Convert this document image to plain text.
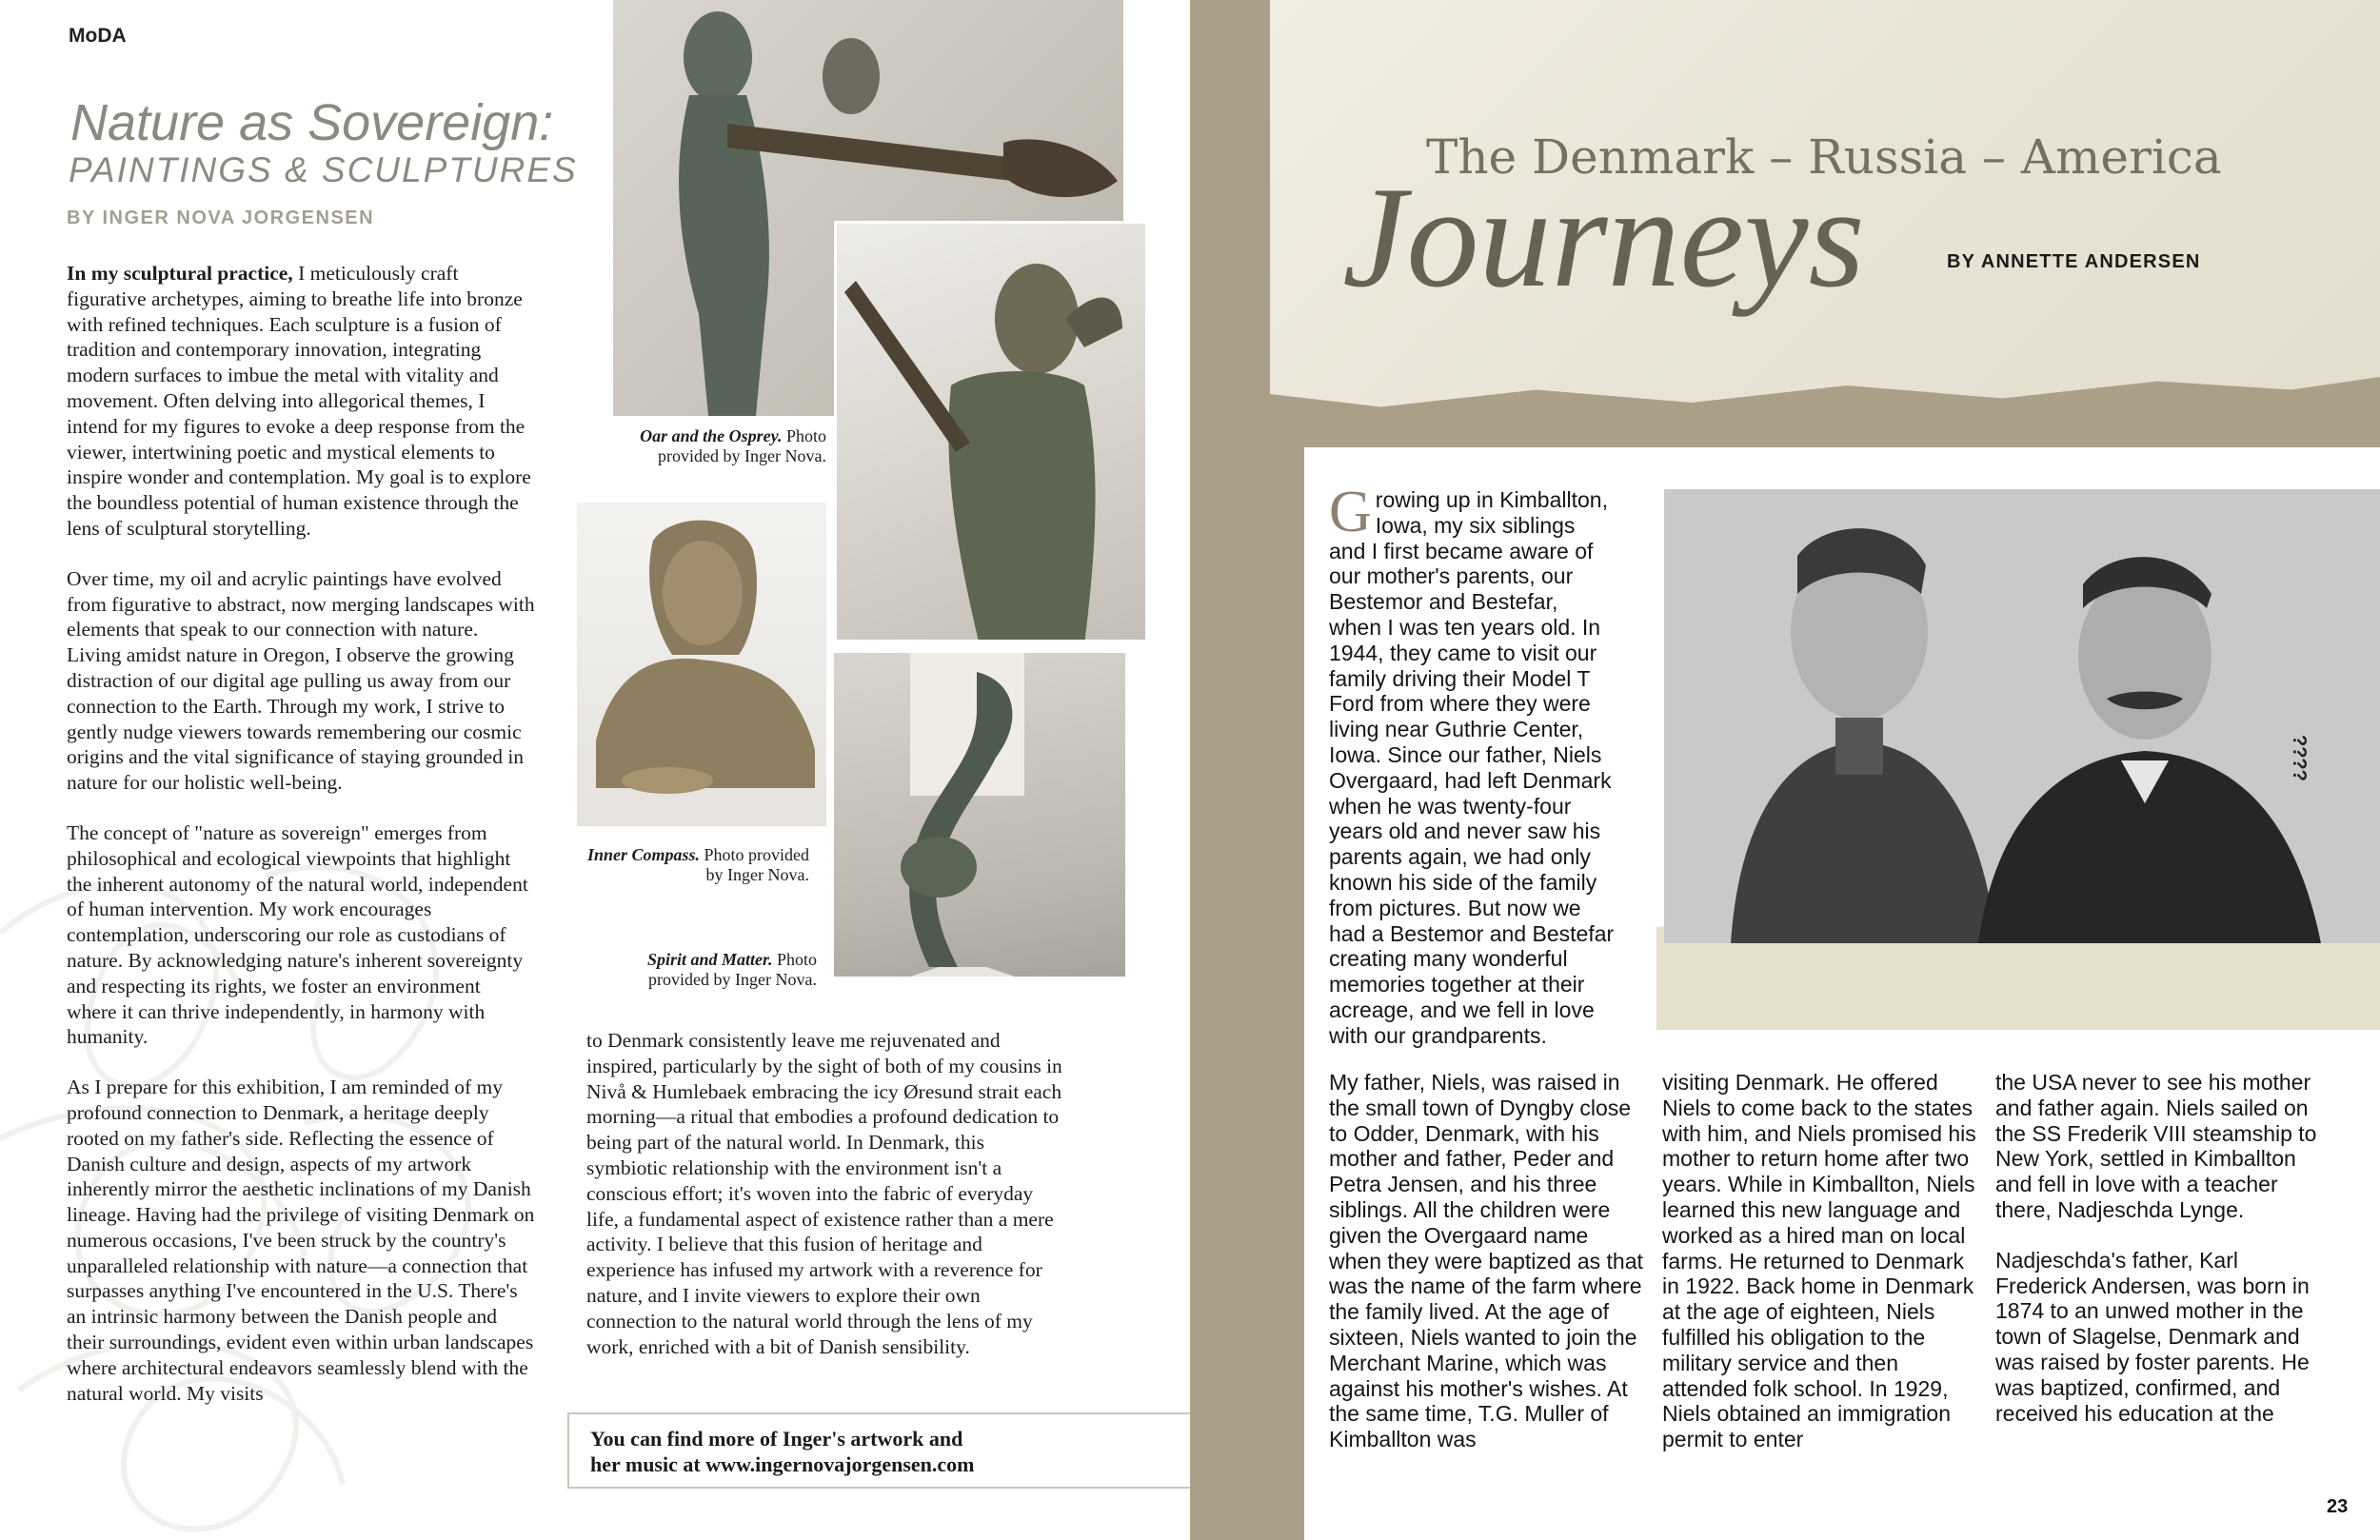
MoDA
Nature as Sovereign:
PAINTINGS & SCULPTURES
BY INGER NOVA JORGENSEN

In my sculptural practice, I meticulously craft figurative archetypes, aiming to breathe life into bronze with refined techniques. Each sculpture is a fusion of tradition and contemporary innovation, integrating modern surfaces to imbue the metal with vitality and movement. Often delving into allegorical themes, I intend for my figures to evoke a deep response from the viewer, intertwining poetic and mystical elements to inspire wonder and contemplation. My goal is to explore the boundless potential of human existence through the lens of sculptural storytelling.

Over time, my oil and acrylic paintings have evolved from figurative to abstract, now merging landscapes with elements that speak to our connection with nature. Living amidst nature in Oregon, I observe the growing distraction of our digital age pulling us away from our connection to the Earth. Through my work, I strive to gently nudge viewers towards remembering our cosmic origins and the vital significance of staying grounded in nature for our holistic well-being.

The concept of "nature as sovereign" emerges from philosophical and ecological viewpoints that highlight the inherent autonomy of the natural world, independent of human intervention. My work encourages contemplation, underscoring our role as custodians of nature. By acknowledging nature's inherent sovereignty and respecting its rights, we foster an environment where it can thrive independently, in harmony with humanity.

As I prepare for this exhibition, I am reminded of my profound connection to Denmark, a heritage deeply rooted on my father's side. Reflecting the essence of Danish culture and design, aspects of my artwork inherently mirror the aesthetic inclinations of my Danish lineage. Having had the privilege of visiting Denmark on numerous occasions, I've been struck by the country's unparalleled relationship with nature—a connection that surpasses anything I've encountered in the U.S. There's an intrinsic harmony between the Danish people and their surroundings, evident even within urban landscapes where architectural endeavors seamlessly blend with the natural world. My visits

Oar and the Osprey. Photo provided by Inger Nova.
Inner Compass. Photo provided by Inger Nova.
Spirit and Matter. Photo provided by Inger Nova.

to Denmark consistently leave me rejuvenated and inspired, particularly by the sight of both of my cousins in Nivå & Humlebaek embracing the icy Øresund strait each morning—a ritual that embodies a profound dedication to being part of the natural world. In Denmark, this symbiotic relationship with the environment isn't a conscious effort; it's woven into the fabric of everyday life, a fundamental aspect of existence rather than a mere activity. I believe that this fusion of heritage and experience has infused my artwork with a reverence for nature, and I invite viewers to explore their own connection to the natural world through the lens of my work, enriched with a bit of Danish sensibility.

You can find more of Inger's artwork and
her music at www.ingernovajorgensen.com
The Denmark – Russia – America
Journeys	BY ANNETTE ANDERSEN
Growing up in Kimballton, Iowa, my six siblings and I first became aware of our mother's parents, our Bestemor and Bestefar, when I was ten years old. In 1944, they came to visit our family driving their Model T Ford from where they were living near Guthrie Center, Iowa. Since our father, Niels Overgaard, had left Denmark when he was twenty-four years old and never saw his parents again, we had only known his side of the family from pictures. But now we had a Bestemor and Bestefar creating many wonderful memories together at their acreage, and we fell in love with our grandparents.
????
My father, Niels, was raised in the small town of Dyngby close to Odder, Denmark, with his mother and father, Peder and Petra Jensen, and his three siblings. All the children were given the Overgaard name when they were baptized as that was the name of the farm where the family lived. At the age of sixteen, Niels wanted to join the Merchant Marine, which was against his mother's wishes. At the same time, T.G. Muller of Kimballton was
visiting Denmark. He offered Niels to come back to the states with him, and Niels promised his mother to return home after two years. While in Kimballton, Niels learned this new language and worked as a hired man on local farms. He returned to Denmark in 1922. Back home in Denmark at the age of eighteen, Niels fulfilled his obligation to the military service and then attended folk school. In 1929, Niels obtained an immigration permit to enter

the USA never to see his mother and father again. Niels sailed on the SS Frederik VIII steamship to New York, settled in Kimballton and fell in love with a teacher there, Nadjeschda Lynge.

Nadjeschda's father, Karl Frederick Andersen, was born in 1874 to an unwed mother in the town of Slagelse, Denmark and was raised by foster parents. He was baptized, confirmed, and received his education at the

23
